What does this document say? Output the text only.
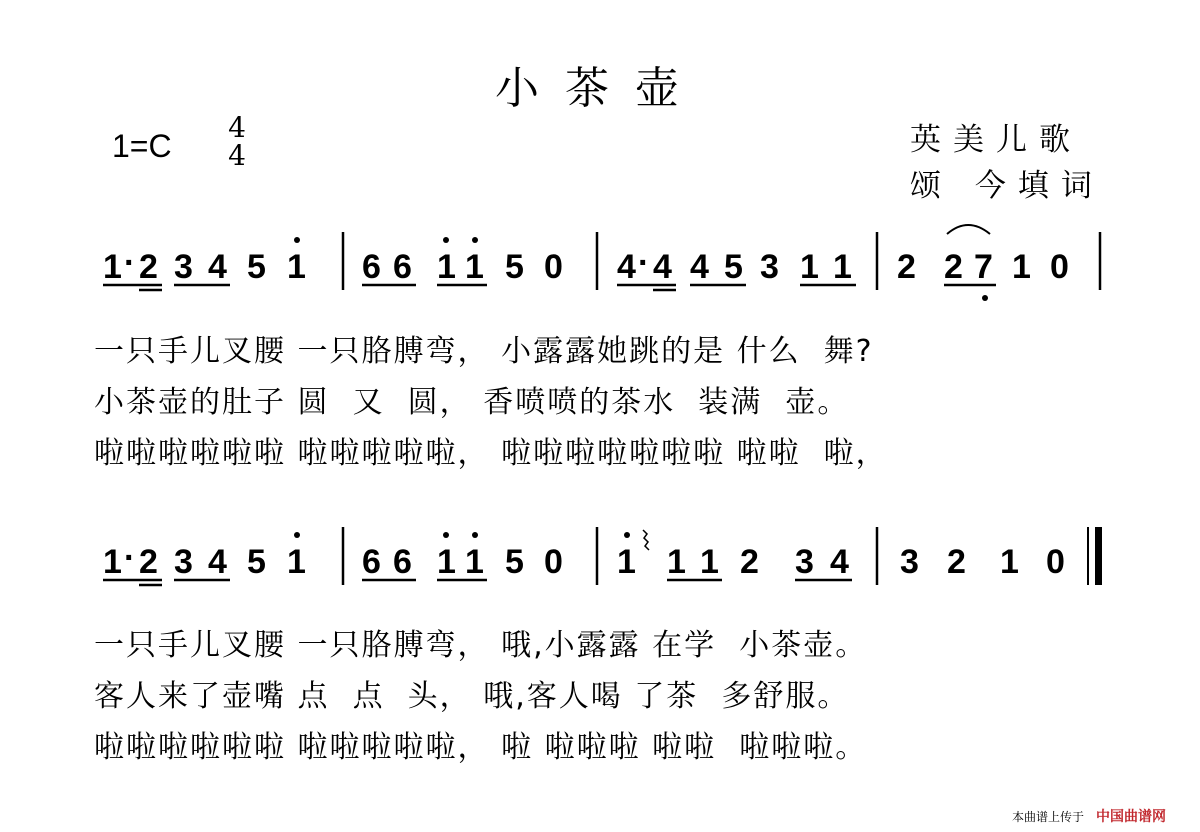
小茶壶
1=C
4
4	英美儿歌
颂 今填词
1 · 2 3 4 5 1 6 6 1 1 5 0 4 · 4 4 5 3 1 1 2 2 7 1 0
1 · 2 3 4 5 1 6 6 1 1 5 0 1 1 1 2 3 4 3 2 1 0
一只手儿叉腰 一只胳膊弯， 小露露她跳的是 什么  舞?
小茶壶的肚子 圆  又  圆， 香喷喷的茶水  装满  壶。
啦啦啦啦啦啦 啦啦啦啦啦， 啦啦啦啦啦啦啦 啦啦  啦，
一只手儿叉腰 一只胳膊弯， 哦,小露露 在学  小茶壶。
客人来了壶嘴 点  点  头， 哦,客人喝 了茶  多舒服。
啦啦啦啦啦啦 啦啦啦啦啦， 啦 啦啦啦 啦啦  啦啦啦。
本曲谱上传于 中国曲谱网
